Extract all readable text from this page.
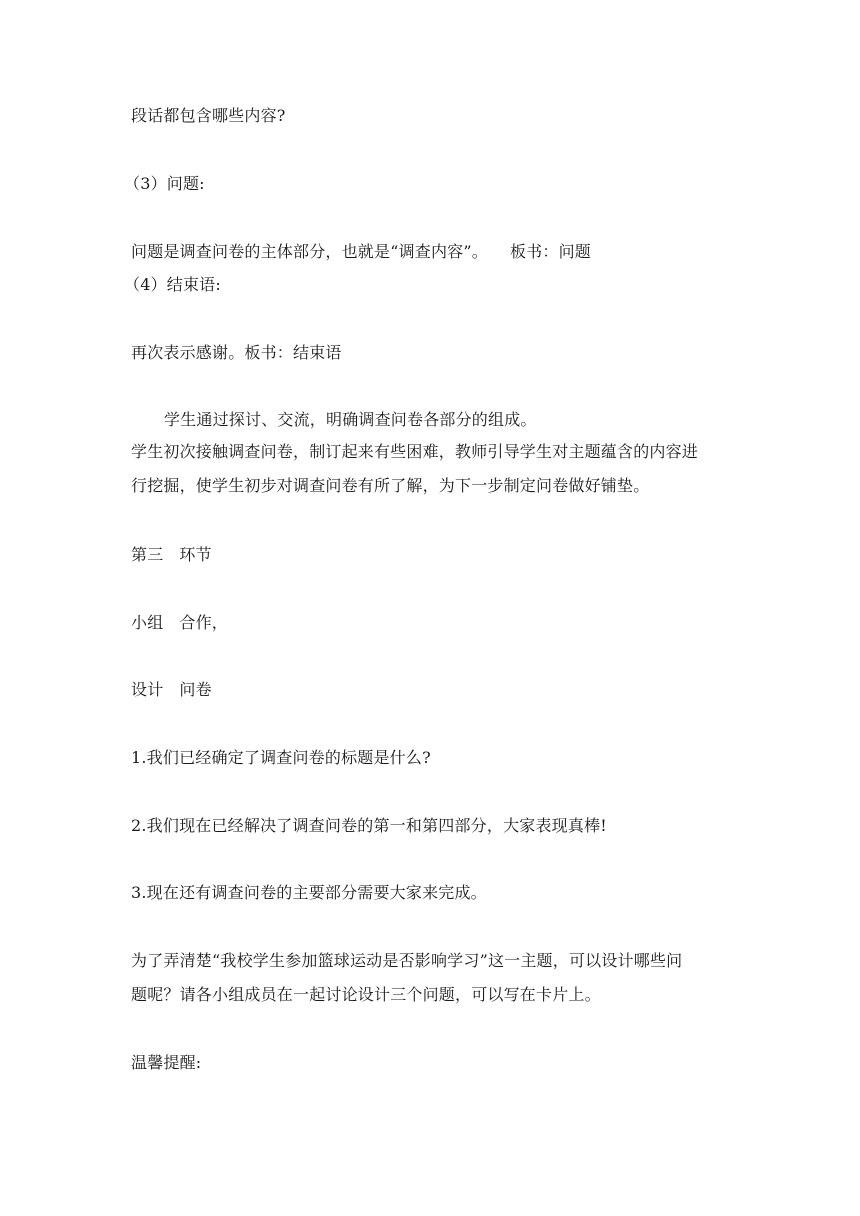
段话都包含哪些内容?
（3）问题:
问题是调查问卷的主体部分，也就是“调查内容”。 板书：问题
（4）结束语:
再次表示感谢。板书：结束语
学生通过探讨、交流，明确调查问卷各部分的组成。
学生初次接触调查问卷，制订起来有些困难，教师引导学生对主题蕴含的内容进
行挖掘，使学生初步对调查问卷有所了解，为下一步制定问卷做好铺垫。
第三 环节
小组 合作，
设计 问卷
1.我们已经确定了调查问卷的标题是什么?
2.我们现在已经解决了调查问卷的第一和第四部分，大家表现真棒!
3.现在还有调查问卷的主要部分需要大家来完成。
为了弄清楚“我校学生参加篮球运动是否影响学习”这一主题，可以设计哪些问
题呢？请各小组成员在一起讨论设计三个问题，可以写在卡片上。
温馨提醒:
